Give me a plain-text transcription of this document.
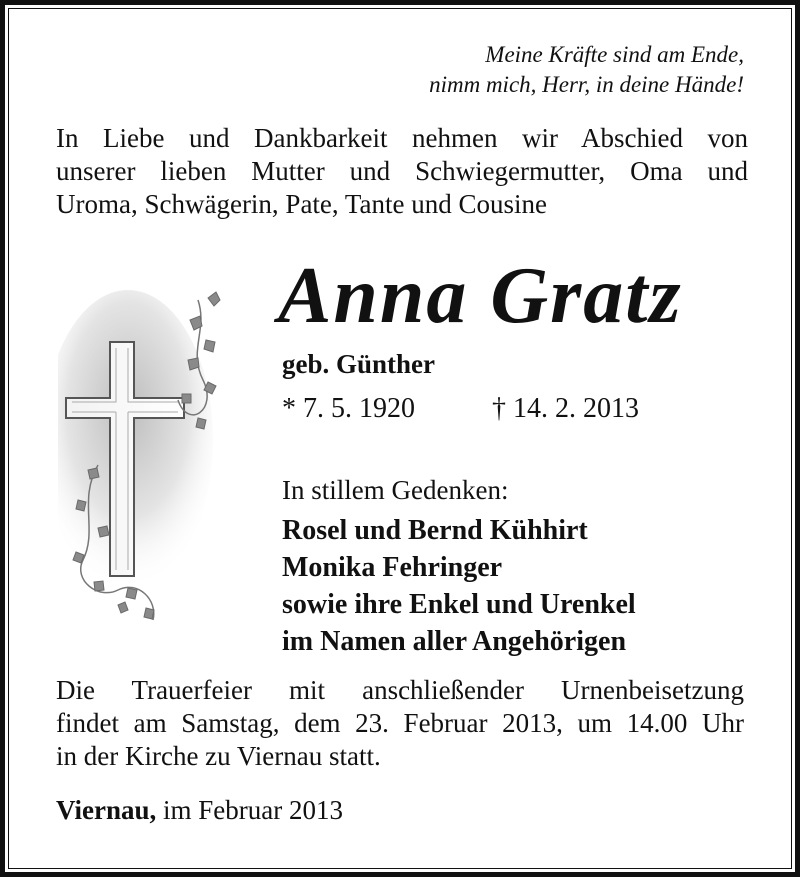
Meine Kräfte sind am Ende,
nimm mich, Herr, in deine Hände!
In Liebe und Dankbarkeit nehmen wir Abschied von
unserer lieben Mutter und Schwiegermutter, Oma und
Uroma, Schwägerin, Pate, Tante und Cousine
Anna Gratz
geb. Günther
* 7. 5. 1920	† 14. 2. 2013
In stillem Gedenken:
Rosel und Bernd Kühhirt
Monika Fehringer
sowie ihre Enkel und Urenkel
im Namen aller Angehörigen
Die Trauerfeier mit anschließender Urnenbeisetzung
findet am Samstag, dem 23. Februar 2013, um 14.00 Uhr
in der Kirche zu Viernau statt.
Viernau, im Februar 2013
